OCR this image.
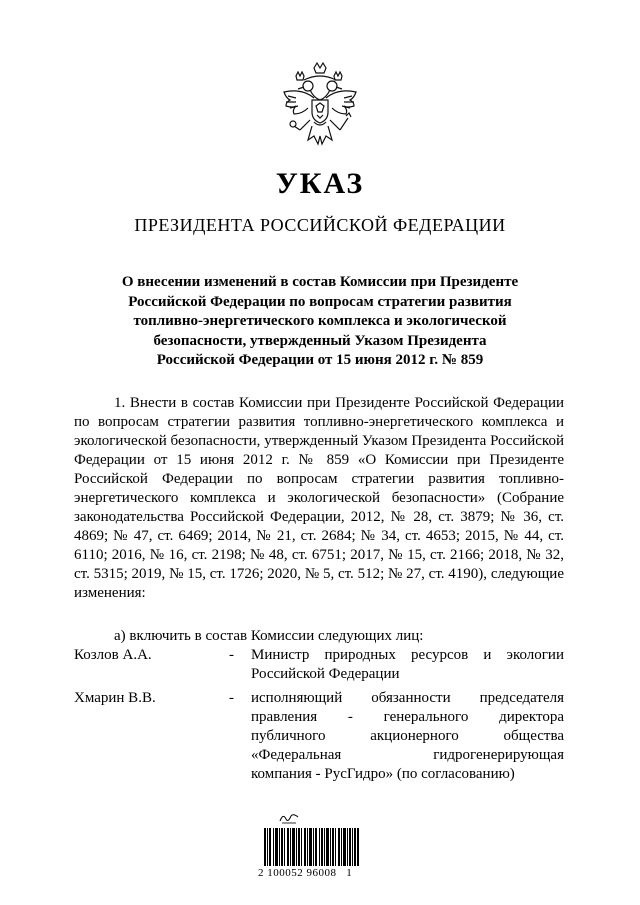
УКАЗ
ПРЕЗИДЕНТА РОССИЙСКОЙ ФЕДЕРАЦИИ
О внесении изменений в состав Комиссии при Президенте
Российской Федерации по вопросам стратегии развития
топливно-энергетического комплекса и экологической
безопасности, утвержденный Указом Президента
Российской Федерации от 15 июня 2012 г. № 859
1. Внести в состав Комиссии при Президенте Российской Федерации по вопросам стратегии развития топливно-энергетического комплекса и экологической безопасности, утвержденный Указом Президента Российской Федерации от 15 июня 2012 г. № 859 «О Комиссии при Президенте Российской Федерации по вопросам стратегии развития топливно-энергетического комплекса и экологической безопасности» (Собрание законодательства Российской Федерации, 2012, № 28, ст. 3879; № 36, ст. 4869; № 47, ст. 6469; 2014, № 21, ст. 2684; № 34, ст. 4653; 2015, № 44, ст. 6110; 2016, № 16, ст. 2198; № 48, ст. 6751; 2017, № 15, ст. 2166; 2018, № 32, ст. 5315; 2019, № 15, ст. 1726; 2020, № 5, ст. 512; № 27, ст. 4190), следующие изменения:
а) включить в состав Комиссии следующих лиц:
Козлов А.А.	- Министр природных ресурсов и экологии
Российской Федерации
Хмарин В.В.	- исполняющий обязанности председателя
правления - генерального директора
публичного акционерного общества
«Федеральная гидрогенерирующая
компания - РусГидро» (по согласованию)
2 100052 96008   1
